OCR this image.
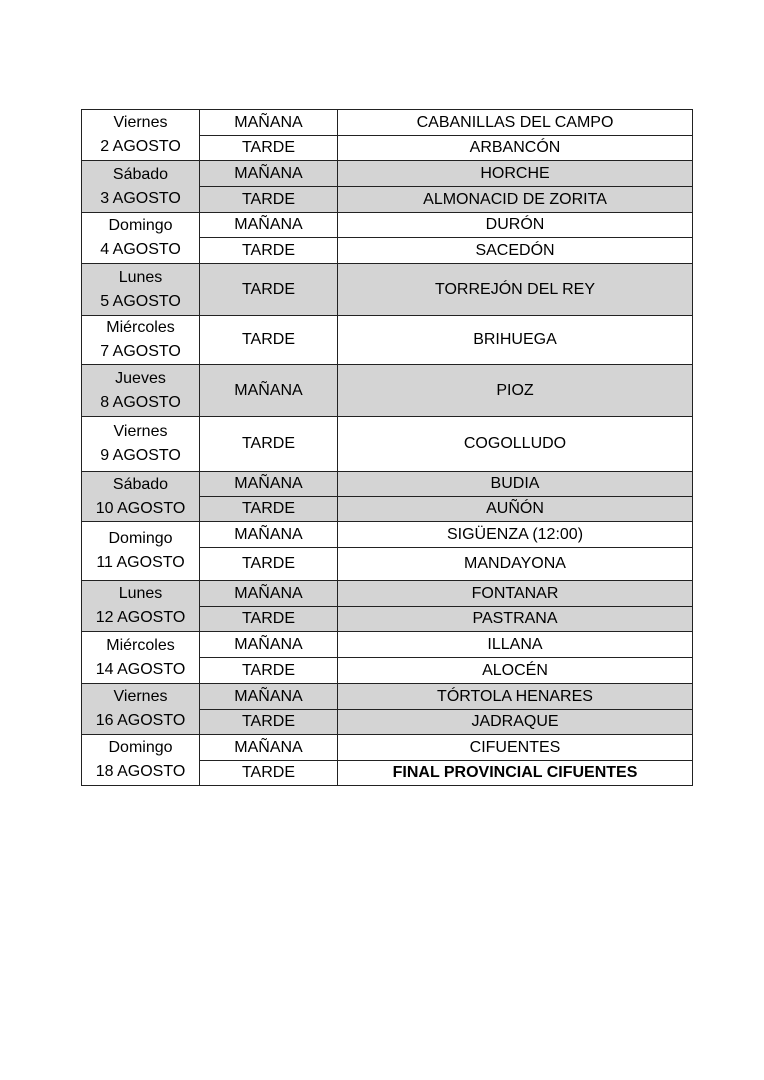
Viernes
2 AGOSTO	MAÑANA	CABANILLAS DEL CAMPO
	TARDE	ARBANCÓN

Sábado
3 AGOSTO	MAÑANA	HORCHE
	TARDE	ALMONACID DE ZORITA

Domingo
4 AGOSTO	MAÑANA	DURÓN
	TARDE	SACEDÓN

Lunes
5 AGOSTO	TARDE	TORREJÓN DEL REY

Miércoles
7 AGOSTO	TARDE	BRIHUEGA

Jueves
8 AGOSTO	MAÑANA	PIOZ

Viernes
9 AGOSTO	TARDE	COGOLLUDO

Sábado
10 AGOSTO	MAÑANA	BUDIA
	TARDE	AUÑÓN

Domingo
11 AGOSTO	MAÑANA	SIGÜENZA (12:00)
	TARDE	MANDAYONA

Lunes
12 AGOSTO	MAÑANA	FONTANAR
	TARDE	PASTRANA

Miércoles
14 AGOSTO	MAÑANA	ILLANA
	TARDE	ALOCÉN

Viernes
16 AGOSTO	MAÑANA	TÓRTOLA HENARES
	TARDE	JADRAQUE

Domingo
18 AGOSTO	MAÑANA	CIFUENTES
	TARDE	FINAL PROVINCIAL CIFUENTES
